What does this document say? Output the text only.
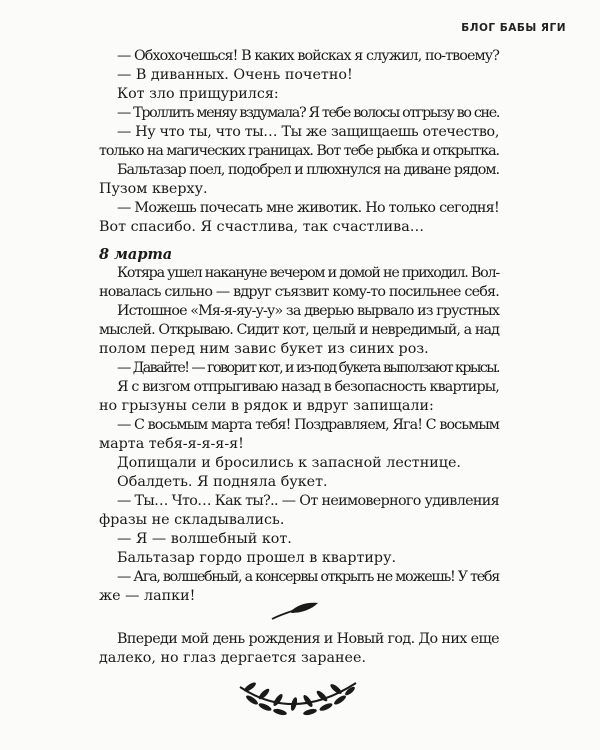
БЛОГ БАБЫ ЯГИ
— Обхохочешься! В каких войсках я служил, по-твоему?
— В диванных. Очень почетно!
Кот зло прищурился:
— Троллить меняу вздумала? Я тебе волосы отгрызу во сне.
— Ну что ты, что ты… Ты же защищаешь отечество,
только на магических границах. Вот тебе рыбка и открытка.
Бальтазар поел, подобрел и плюхнулся на диване рядом.
Пузом кверху.
— Можешь почесать мне животик. Но только сегодня!
Вот спасибо. Я счастлива, так счастлива…
8 марта
Котяра ушел накануне вечером и домой не приходил. Вол-
новалась сильно — вдруг съязвит кому-то посильнее себя.
Истошное «Мя-я-яу-у-у» за дверью вырвало из грустных
мыслей. Открываю. Сидит кот, целый и невредимый, а над
полом перед ним завис букет из синих роз.
— Давайте! — говорит кот, и из-под букета выползают крысы.
Я с визгом отпрыгиваю назад в безопасность квартиры,
но грызуны сели в рядок и вдруг запищали:
— С восьмым марта тебя! Поздравляем, Яга! С восьмым
марта тебя-я-я-я-я!
Допищали и бросились к запасной лестнице.
Обалдеть. Я подняла букет.
— Ты… Что… Как ты?.. — От неимоверного удивления
фразы не складывались.
— Я — волшебный кот.
Бальтазар гордо прошел в квартиру.
— Ага, волшебный, а консервы открыть не можешь! У тебя
же — лапки!
Впереди мой день рождения и Новый год. До них еще
далеко, но глаз дергается заранее.
